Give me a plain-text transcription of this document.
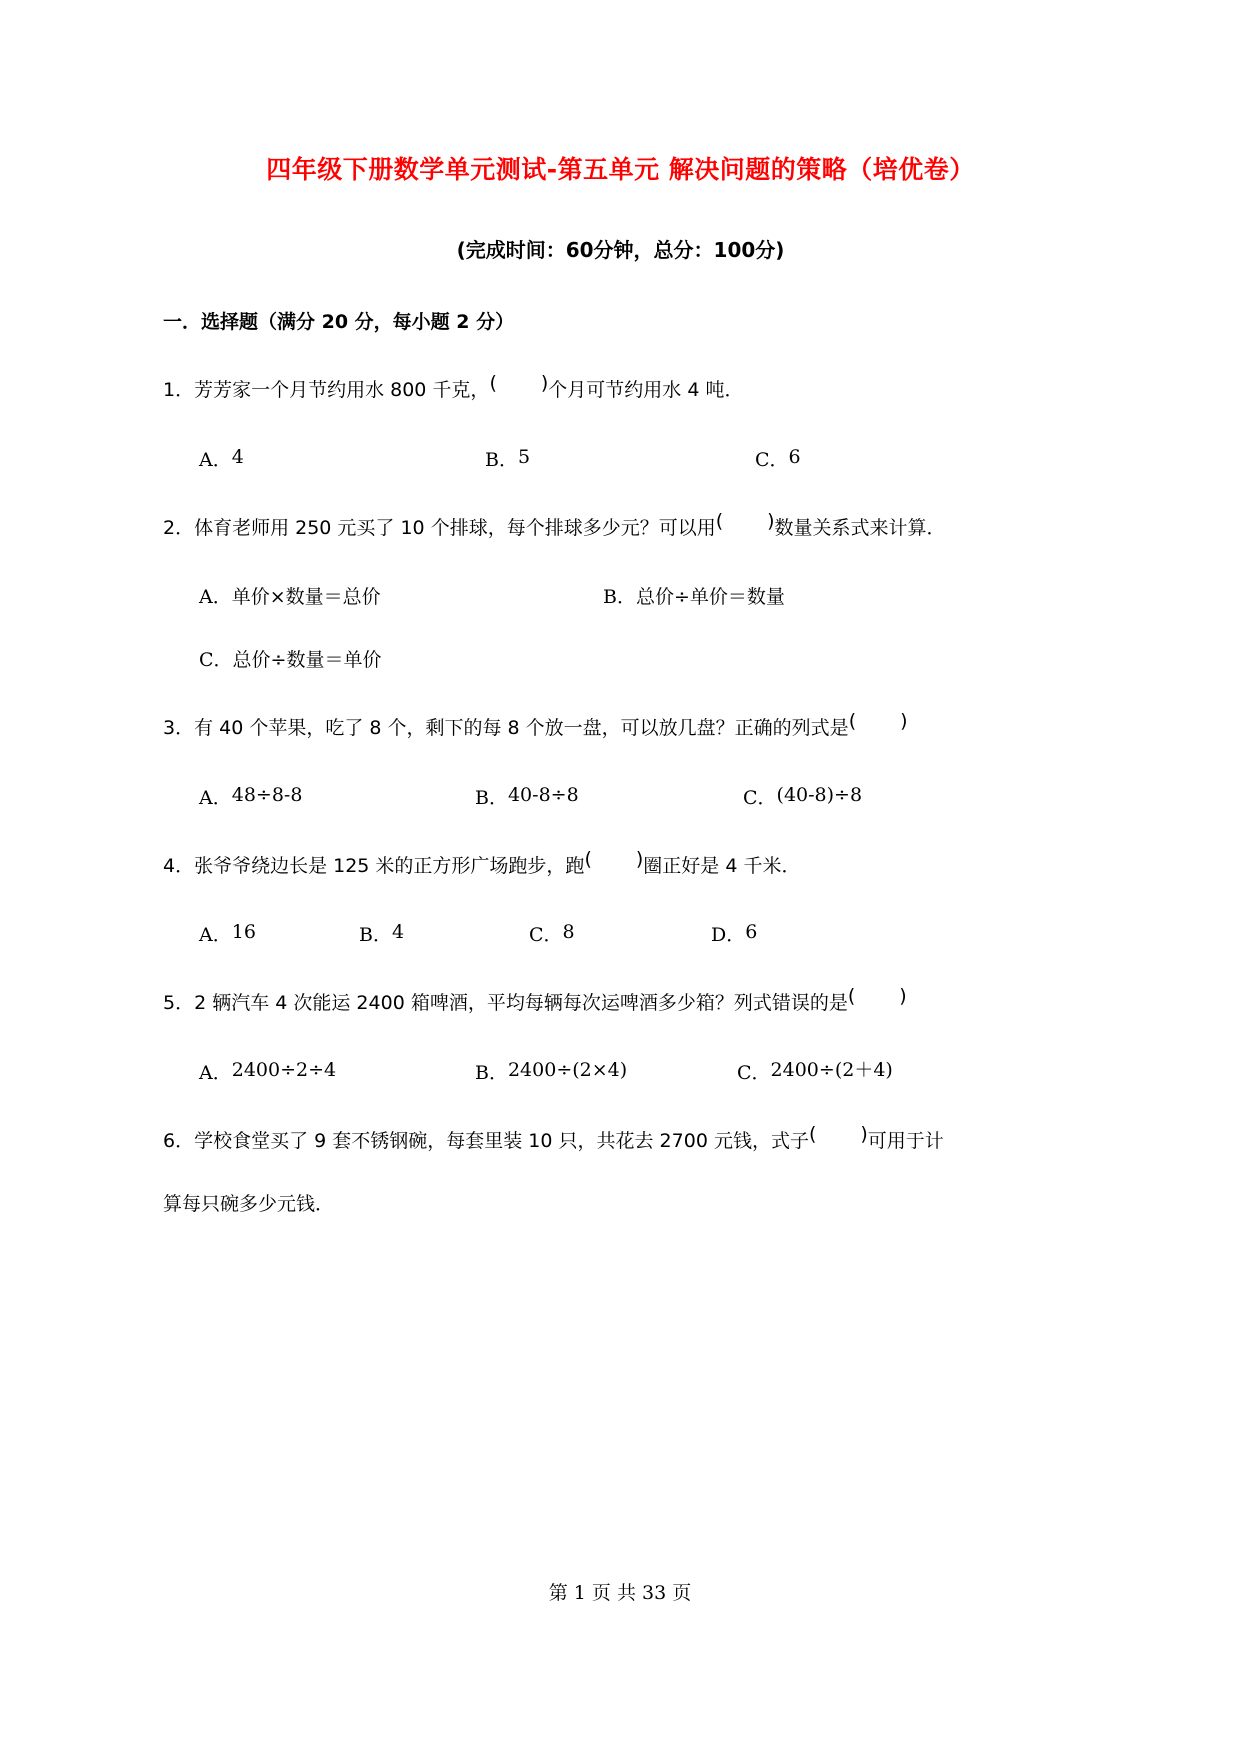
四年级下册数学单元测试-第五单元 解决问题的策略（培优卷）
(完成时间：60分钟，总分：100分)
一．选择题（满分 20 分，每小题 2 分）
1．芳芳家一个月节约用水 800 千克，( )个月可节约用水 4 吨．
A．4	B．5	C．6
2．体育老师用 250 元买了 10 个排球，每个排球多少元？可以用( )数量关系式来计算．
A．单价×数量＝总价	B．总价÷单价＝数量
C．总价÷数量＝单价
3．有 40 个苹果，吃了 8 个，剩下的每 8 个放一盘，可以放几盘？正确的列式是( )
A．48÷8-8	B．40-8÷8	C．(40-8)÷8
4．张爷爷绕边长是 125 米的正方形广场跑步，跑( )圈正好是 4 千米．
A．16	B．4	C．8	D．6
5．2 辆汽车 4 次能运 2400 箱啤酒，平均每辆每次运啤酒多少箱？列式错误的是( )
A．2400÷2÷4	B．2400÷(2×4)	C．2400÷(2＋4)
6．学校食堂买了 9 套不锈钢碗，每套里装 10 只，共花去 2700 元钱，式子( )可用于计
算每只碗多少元钱．
第 1 页 共 33 页
